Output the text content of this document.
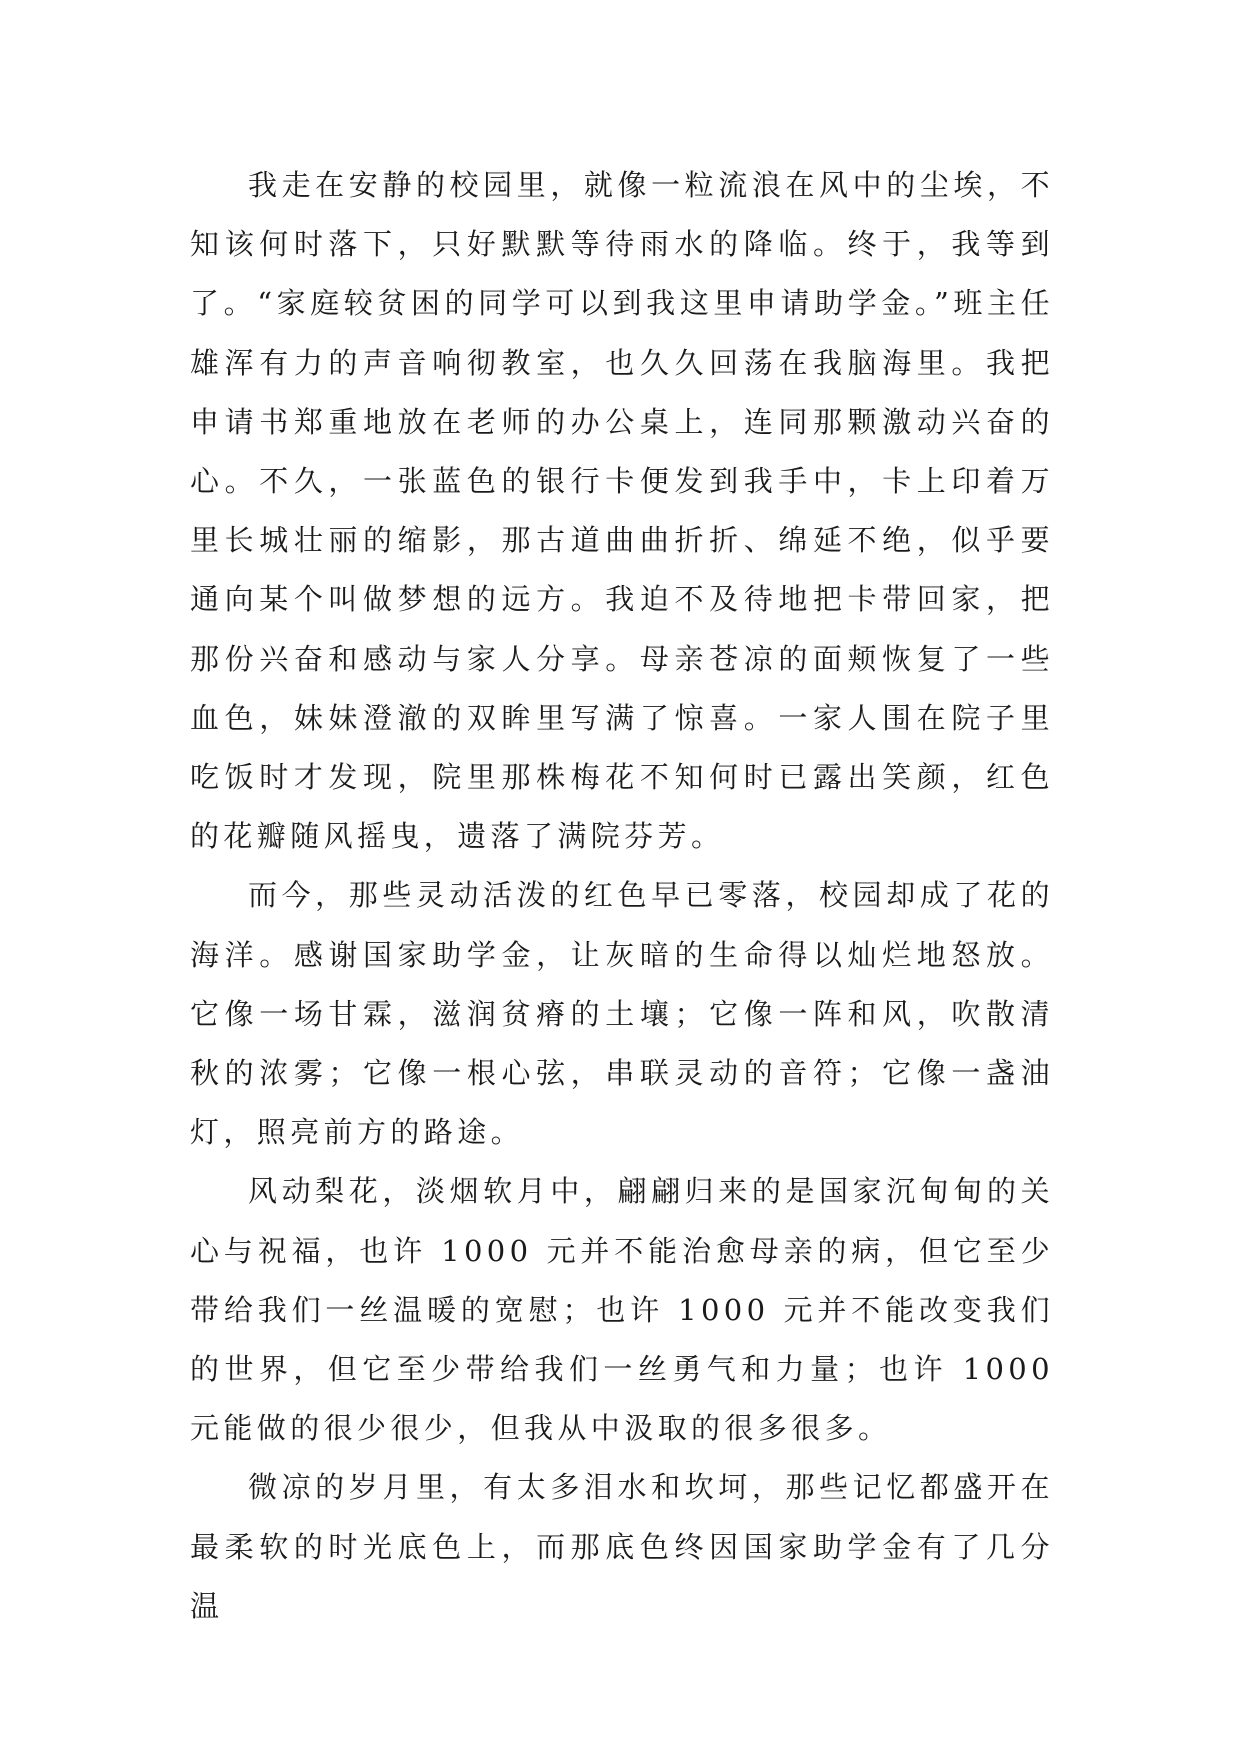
我走在安静的校园里，就像一粒流浪在风中的尘埃，不知该何时落下，只好默默等待雨水的降临。终于，我等到了。“家庭较贫困的同学可以到我这里申请助学金。”班主任雄浑有力的声音响彻教室，也久久回荡在我脑海里。我把申请书郑重地放在老师的办公桌上，连同那颗激动兴奋的心。不久，一张蓝色的银行卡便发到我手中，卡上印着万里长城壮丽的缩影，那古道曲曲折折、绵延不绝，似乎要通向某个叫做梦想的远方。我迫不及待地把卡带回家，把那份兴奋和感动与家人分享。母亲苍凉的面颊恢复了一些血色，妹妹澄澈的双眸里写满了惊喜。一家人围在院子里吃饭时才发现，院里那株梅花不知何时已露出笑颜，红色的花瓣随风摇曳，遗落了满院芬芳。

而今，那些灵动活泼的红色早已零落，校园却成了花的海洋。感谢国家助学金，让灰暗的生命得以灿烂地怒放。它像一场甘霖，滋润贫瘠的土壤；它像一阵和风，吹散清秋的浓雾；它像一根心弦，串联灵动的音符；它像一盏油灯，照亮前方的路途。

风动梨花，淡烟软月中，翩翩归来的是国家沉甸甸的关心与祝福，也许 1000 元并不能治愈母亲的病，但它至少带给我们一丝温暖的宽慰；也许 1000 元并不能改变我们的世界，但它至少带给我们一丝勇气和力量；也许 1000 元能做的很少很少，但我从中汲取的很多很多。

微凉的岁月里，有太多泪水和坎坷，那些记忆都盛开在最柔软的时光底色上，而那底色终因国家助学金有了几分温
